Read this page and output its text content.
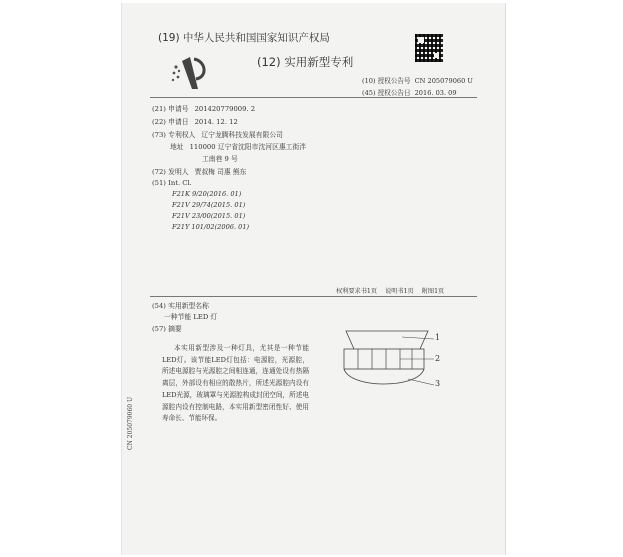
(19) 中华人民共和国国家知识产权局
(12) 实用新型专利
(10) 授权公告号 CN 205079060 U
(45) 授权公告日 2016. 03. 09
(21) 申请号 201420779009. 2
(22) 申请日 2014. 12. 12
(73) 专利权人 辽宁龙腾科技发展有限公司
地址 110000 辽宁省沈阳市沈河区惠工街泮
工南巷 9 号
(72) 发明人 贾叔梅 司惠 熊东
(51) Int. Cl.
F21K 9/20(2016. 01)
F21V 29/74(2015. 01)
F21V 23/00(2015. 01)
F21Y 101/02(2006. 01)
权利要求书1页 说明书1页 附图1页
(54) 实用新型名称
一种节能 LED 灯
(57) 摘要
本实用新型涉及一种灯具，尤其是一种节能LED灯。该节能LED灯包括：电源腔，光源腔，所述电源腔与光源腔之间相连通，连通处设有热隔离层，外部设有相应的散热片，所述光源腔内设有LED光源，玻璃罩与光源腔构成封闭空间，所述电源腔内设有控制电路，本实用新型密闭性好、使用寿命长、节能环保。
1
2
3
CN 205079060 U
